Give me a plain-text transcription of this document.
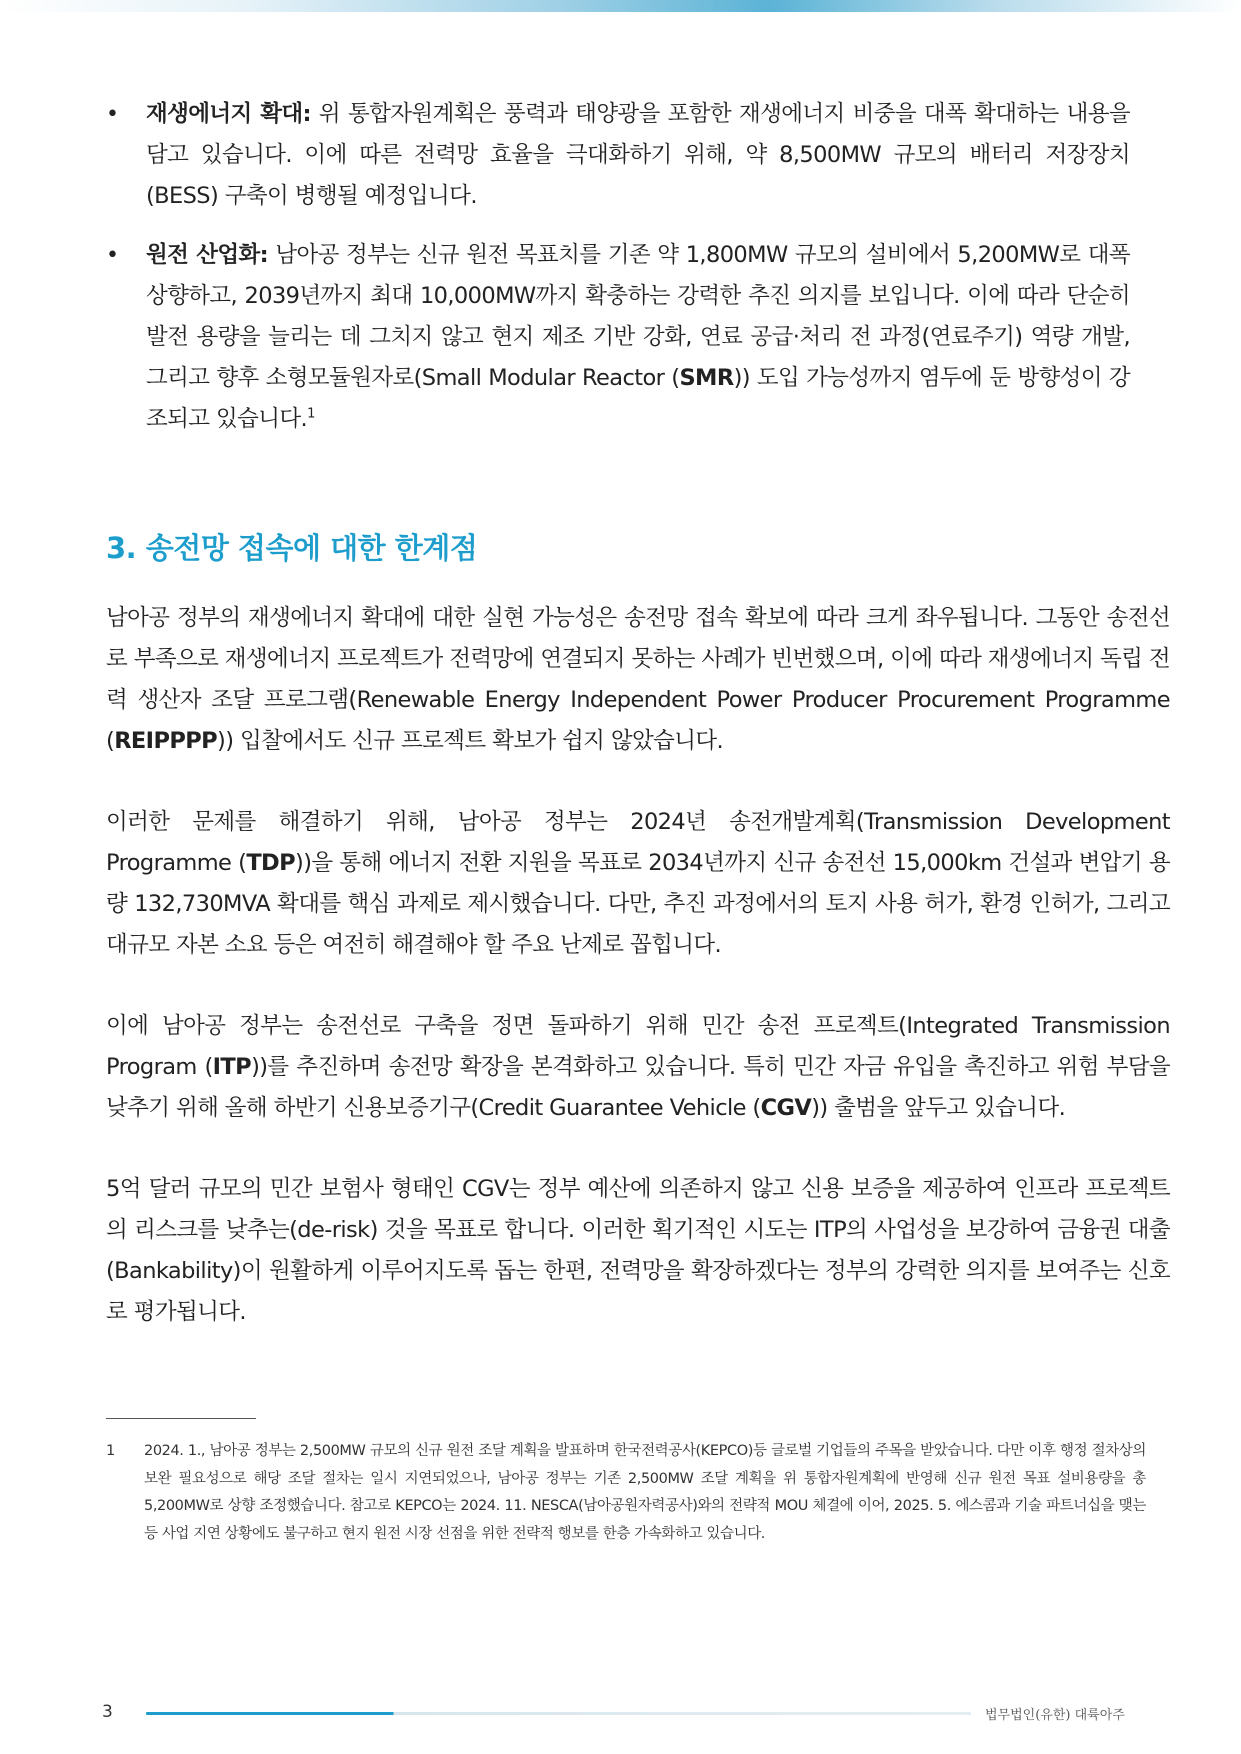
•	재생에너지 확대: 위 통합자원계획은 풍력과 태양광을 포함한 재생에너지 비중을 대폭 확대하는 내용을 담고 있습니다. 이에 따른 전력망 효율을 극대화하기 위해, 약 8,500MW 규모의 배터리 저장장치(BESS) 구축이 병행될 예정입니다.
•	원전 산업화: 남아공 정부는 신규 원전 목표치를 기존 약 1,800MW 규모의 설비에서 5,200MW로 대폭 상향하고, 2039년까지 최대 10,000MW까지 확충하는 강력한 추진 의지를 보입니다. 이에 따라 단순히 발전 용량을 늘리는 데 그치지 않고 현지 제조 기반 강화, 연료 공급·처리 전 과정(연료주기) 역량 개발, 그리고 향후 소형모듈원자로(Small Modular Reactor (SMR)) 도입 가능성까지 염두에 둔 방향성이 강조되고 있습니다.$^1$
3. 송전망 접속에 대한 한계점

남아공 정부의 재생에너지 확대에 대한 실현 가능성은 송전망 접속 확보에 따라 크게 좌우됩니다. 그동안 송전선로 부족으로 재생에너지 프로젝트가 전력망에 연결되지 못하는 사례가 빈번했으며, 이에 따라 재생에너지 독립 전력 생산자 조달 프로그램(Renewable Energy Independent Power Producer Procurement Programme (REIPPPP)) 입찰에서도 신규 프로젝트 확보가 쉽지 않았습니다.

이러한 문제를 해결하기 위해, 남아공 정부는 2024년 송전개발계획(Transmission Development Programme (TDP))을 통해 에너지 전환 지원을 목표로 2034년까지 신규 송전선 15,000km 건설과 변압기 용량 132,730MVA 확대를 핵심 과제로 제시했습니다. 다만, 추진 과정에서의 토지 사용 허가, 환경 인허가, 그리고 대규모 자본 소요 등은 여전히 해결해야 할 주요 난제로 꼽힙니다.

이에 남아공 정부는 송전선로 구축을 정면 돌파하기 위해 민간 송전 프로젝트(Integrated Transmission Program (ITP))를 추진하며 송전망 확장을 본격화하고 있습니다. 특히 민간 자금 유입을 촉진하고 위험 부담을 낮추기 위해 올해 하반기 신용보증기구(Credit Guarantee Vehicle (CGV)) 출범을 앞두고 있습니다.

5억 달러 규모의 민간 보험사 형태인 CGV는 정부 예산에 의존하지 않고 신용 보증을 제공하여 인프라 프로젝트의 리스크를 낮추는(de-risk) 것을 목표로 합니다. 이러한 획기적인 시도는 ITP의 사업성을 보강하여 금융권 대출(Bankability)이 원활하게 이루어지도록 돕는 한편, 전력망을 확장하겠다는 정부의 강력한 의지를 보여주는 신호로 평가됩니다.

1	2024. 1., 남아공 정부는 2,500MW 규모의 신규 원전 조달 계획을 발표하며 한국전력공사(KEPCO)등 글로벌 기업들의 주목을 받았습니다. 다만 이후 행정 절차상의 보완 필요성으로 해당 조달 절차는 일시 지연되었으나, 남아공 정부는 기존 2,500MW 조달 계획을 위 통합자원계획에 반영해 신규 원전 목표 설비용량을 총 5,200MW로 상향 조정했습니다. 참고로 KEPCO는 2024. 11. NESCA(남아공원자력공사)와의 전략적 MOU 체결에 이어, 2025. 5. 에스콤과 기술 파트너십을 맺는 등 사업 지연 상황에도 불구하고 현지 원전 시장 선점을 위한 전략적 행보를 한층 가속화하고 있습니다.
3	법무법인(유한) 대륙아주
